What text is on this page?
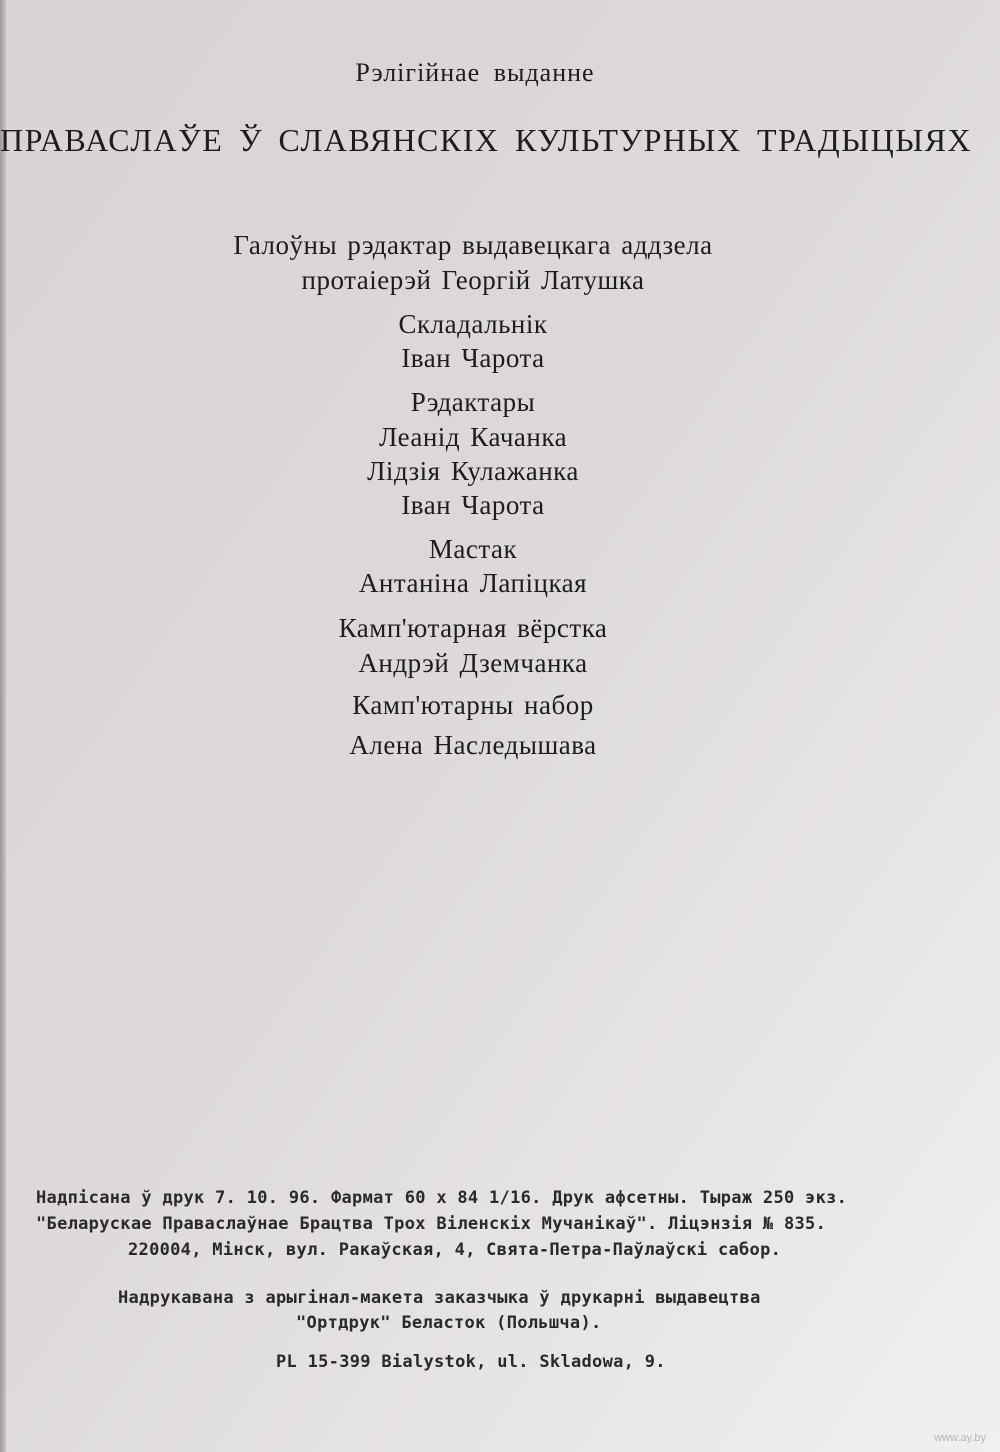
Рэлігійнае выданне
ПРАВАСЛАЎЕ Ў СЛАВЯНСКІХ КУЛЬТУРНЫХ ТРАДЫЦЫЯХ
Галоўны рэдактар выдавецкага аддзела
протаіерэй Георгій Латушка
Складальнік
Іван Чарота
Рэдактары
Леанід Качанка
Лідзія Кулажанка
Іван Чарота
Мастак
Антаніна Лапіцкая
Камп'ютарная вёрстка
Андрэй Дземчанка
Камп'ютарны набор
Алена Наследышава
Надпісана ў друк 7. 10. 96. Фармат 60 x 84 1/16. Друк афсетны. Тыраж 250 экз.
"Беларускае Праваслаўнае Брацтва Трох Віленскіх Мучанікаў". Ліцэнзія № 835.
220004, Мінск, вул. Ракаўская, 4, Свята-Петра-Паўлаўскі сабор.
Надрукавана з арыгінал-макета заказчыка ў друкарні выдавецтва
"Ортдрук" Беласток (Польшча).
PL 15-399 Bialystok, ul. Skladowa, 9.
www.ay.by
